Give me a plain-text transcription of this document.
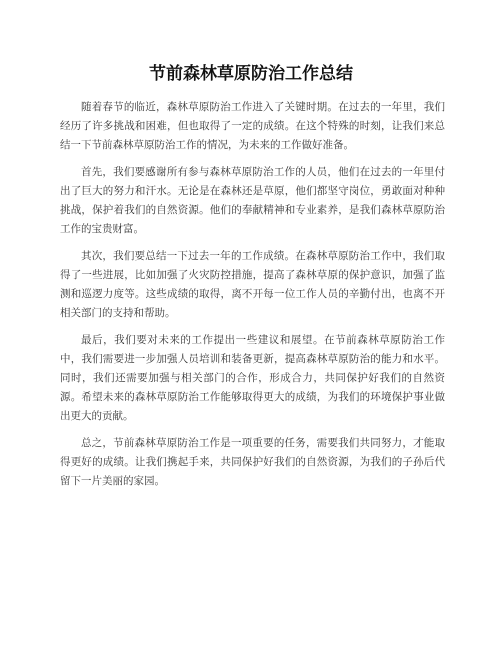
节前森林草原防治工作总结

随着春节的临近，森林草原防治工作进入了关键时期。在过去的一年里，我们经历了许多挑战和困难，但也取得了一定的成绩。在这个特殊的时刻，让我们来总结一下节前森林草原防治工作的情况，为未来的工作做好准备。

首先，我们要感谢所有参与森林草原防治工作的人员，他们在过去的一年里付出了巨大的努力和汗水。无论是在森林还是草原，他们都坚守岗位，勇敢面对种种挑战，保护着我们的自然资源。他们的奉献精神和专业素养，是我们森林草原防治工作的宝贵财富。

其次，我们要总结一下过去一年的工作成绩。在森林草原防治工作中，我们取得了一些进展，比如加强了火灾防控措施，提高了森林草原的保护意识，加强了监测和巡逻力度等。这些成绩的取得，离不开每一位工作人员的辛勤付出，也离不开相关部门的支持和帮助。

最后，我们要对未来的工作提出一些建议和展望。在节前森林草原防治工作中，我们需要进一步加强人员培训和装备更新，提高森林草原防治的能力和水平。同时，我们还需要加强与相关部门的合作，形成合力，共同保护好我们的自然资源。希望未来的森林草原防治工作能够取得更大的成绩，为我们的环境保护事业做出更大的贡献。

总之，节前森林草原防治工作是一项重要的任务，需要我们共同努力，才能取得更好的成绩。让我们携起手来，共同保护好我们的自然资源，为我们的子孙后代留下一片美丽的家园。
